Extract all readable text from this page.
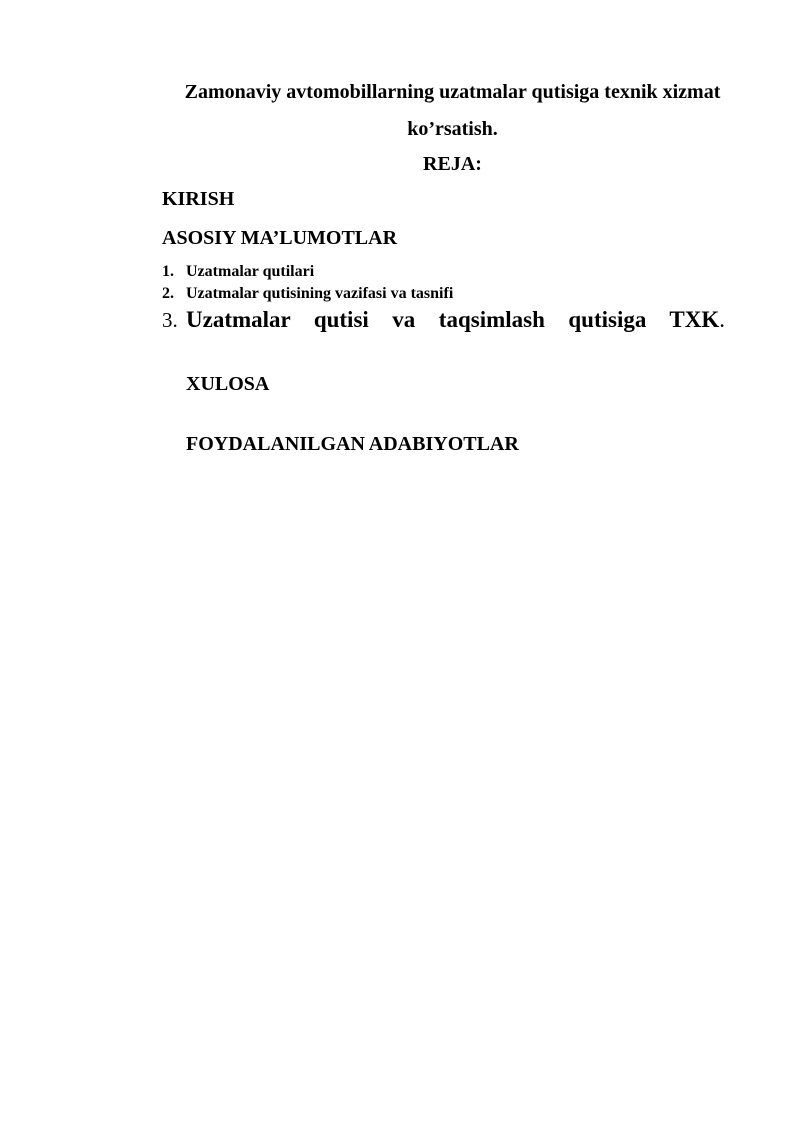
Zamonaviy avtomobillarning uzatmalar qutisiga texnik xizmat
ko’rsatish.
REJA:
KIRISH
ASOSIY MA’LUMOTLAR
1. Uzatmalar qutilari
2. Uzatmalar qutisining vazifasi va tasnifi
3. Uzatmalar  qutisi  va  taqsimlash  qutisiga  TXK.
XULOSA
FOYDALANILGAN ADABIYOTLAR
